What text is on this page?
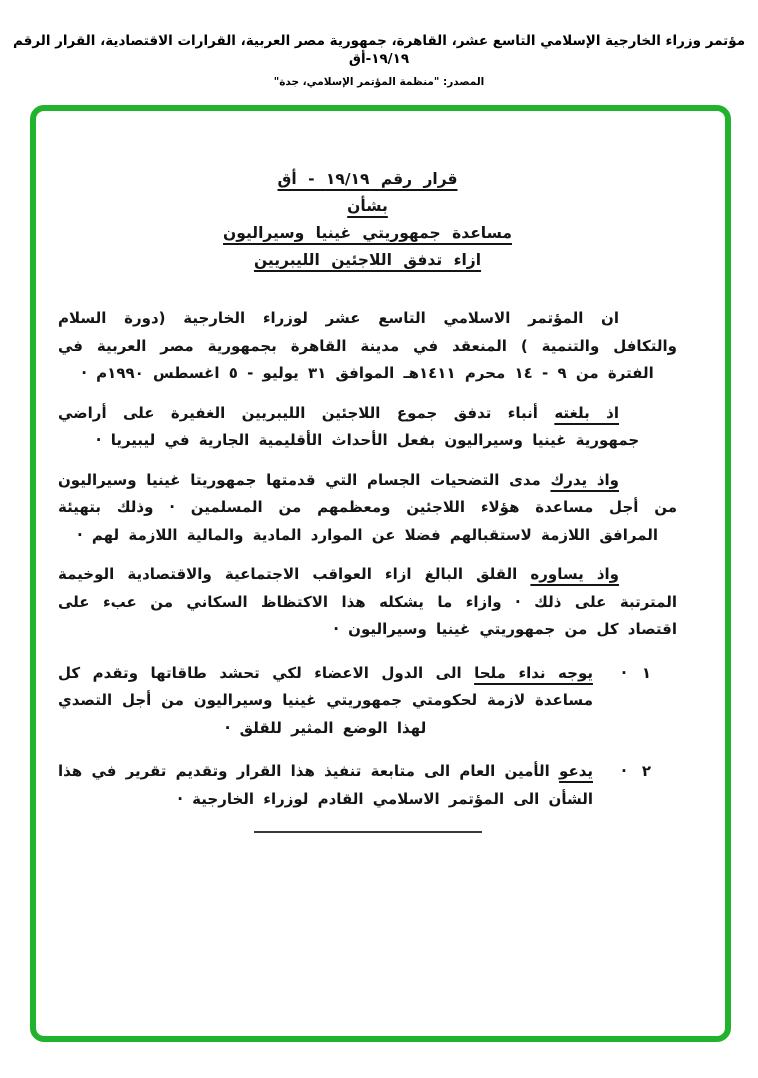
مؤتمر وزراء الخارجية الإسلامي التاسع عشر، القاهرة، جمهورية مصر العربية، القرارات الاقتصادية، القرار الرقم ١٩/١٩-أق
المصدر: "منظمة المؤتمر الإسلامي، جدة"
قرار رقم ١٩/١٩ - أق
بشأن
مساعدة جمهوريتي غينيا وسيراليون
ازاء تدفق اللاجئين الليبريين

ان المؤتمر الاسلامي التاسع عشر لوزراء الخارجية (دورة السلام والتكافل والتنمية ) المنعقد في مدينة القاهرة بجمهورية مصر العربية في الفترة من ٩ - ١٤ محرم ١٤١١هـ الموافق ٣١ يوليو - ٥ اغسطس ١٩٩٠م ·

اذ بلغته أنباء تدفق جموع اللاجئين الليبريين الغفيرة على أراضي جمهورية غينيا وسيراليون بفعل الأحداث الأقليمية الجارية في ليبيريا ·

واذ يدرك مدى التضحيات الجسام التي قدمتها جمهوريتا غينيا وسيراليون من أجل مساعدة هؤلاء اللاجئين ومعظمهم من المسلمين · وذلك بتهيئة المرافق اللازمة لاستقبالهم فضلا عن الموارد المادية والمالية اللازمة لهم ·

واذ يساوره القلق البالغ ازاء العواقب الاجتماعية والاقتصادية الوخيمة المترتبة على ذلك · وازاء ما يشكله هذا الاكتظاظ السكاني من عبء على اقتصاد كل من جمهوريتي غينيا وسيراليون ·

١
·

يوجه نداء ملحا الى الدول الاعضاء لكي تحشد طاقاتها وتقدم كل مساعدة لازمة لحكومتي جمهوريتي غينيا وسيراليون من أجل التصدي لهذا الوضع المثير للقلق ·

٢
·

يدعو الأمين العام الى متابعة تنفيذ هذا القرار وتقديم تقرير في هذا الشأن الى المؤتمر الاسلامي القادم لوزراء الخارجية ·
